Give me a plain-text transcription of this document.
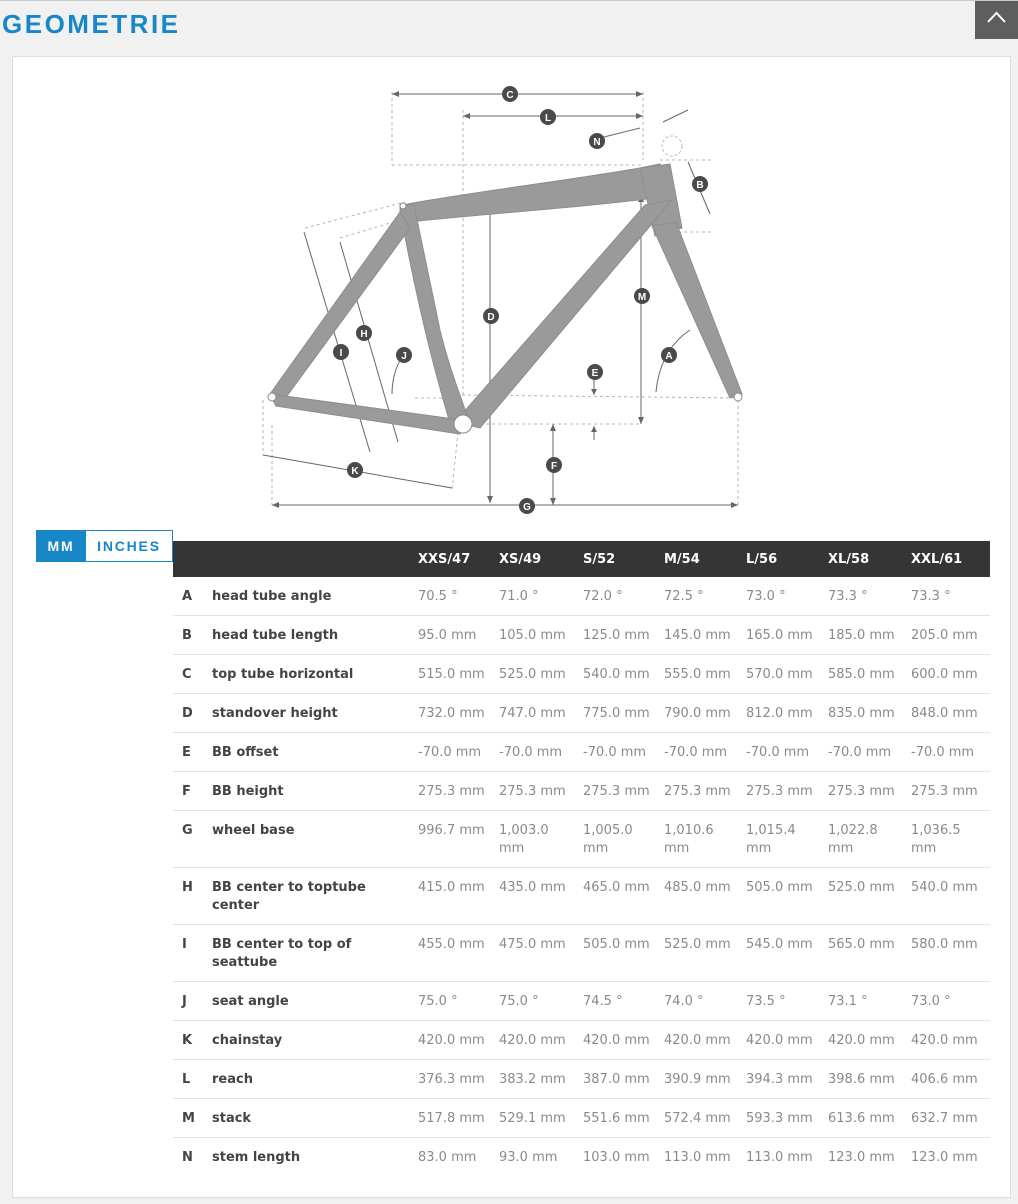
GEOMETRIE
C
L
N
B
M
D
H
I	J	A
E
F
K
G
MM	INCHES
		XXS/47	XS/49	S/52	M/54	L/56	XL/58	XXL/61
A	head tube angle	70.5 °	71.0 °	72.0 °	72.5 °	73.0 °	73.3 °	73.3 °
B	head tube length	95.0 mm	105.0 mm	125.0 mm	145.0 mm	165.0 mm	185.0 mm	205.0 mm
C	top tube horizontal	515.0 mm	525.0 mm	540.0 mm	555.0 mm	570.0 mm	585.0 mm	600.0 mm
D	standover height	732.0 mm	747.0 mm	775.0 mm	790.0 mm	812.0 mm	835.0 mm	848.0 mm
E	BB offset	-70.0 mm	-70.0 mm	-70.0 mm	-70.0 mm	-70.0 mm	-70.0 mm	-70.0 mm
F	BB height	275.3 mm	275.3 mm	275.3 mm	275.3 mm	275.3 mm	275.3 mm	275.3 mm
G	wheel base	996.7 mm	1,003.0 mm	1,005.0 mm	1,010.6 mm	1,015.4 mm	1,022.8 mm	1,036.5 mm
H	BB center to toptube center	415.0 mm	435.0 mm	465.0 mm	485.0 mm	505.0 mm	525.0 mm	540.0 mm
I	BB center to top of seattube	455.0 mm	475.0 mm	505.0 mm	525.0 mm	545.0 mm	565.0 mm	580.0 mm
J	seat angle	75.0 °	75.0 °	74.5 °	74.0 °	73.5 °	73.1 °	73.0 °
K	chainstay	420.0 mm	420.0 mm	420.0 mm	420.0 mm	420.0 mm	420.0 mm	420.0 mm
L	reach	376.3 mm	383.2 mm	387.0 mm	390.9 mm	394.3 mm	398.6 mm	406.6 mm
M	stack	517.8 mm	529.1 mm	551.6 mm	572.4 mm	593.3 mm	613.6 mm	632.7 mm
N	stem length	83.0 mm	93.0 mm	103.0 mm	113.0 mm	113.0 mm	123.0 mm	123.0 mm
